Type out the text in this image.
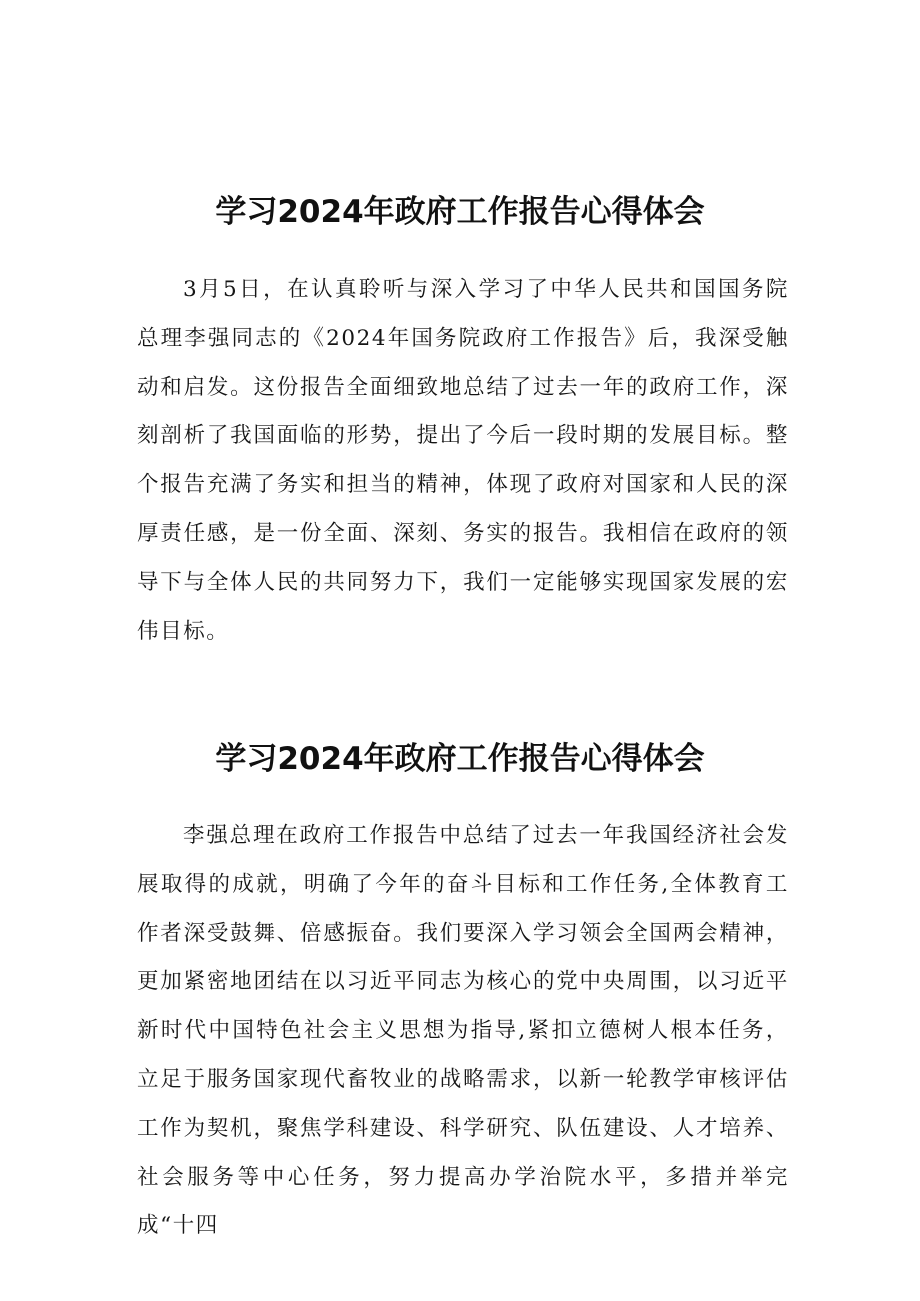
学习2024年政府工作报告心得体会

3月5日，在认真聆听与深入学习了中华人民共和国国务院总理李强同志的《2024年国务院政府工作报告》后，我深受触动和启发。这份报告全面细致地总结了过去一年的政府工作，深刻剖析了我国面临的形势，提出了今后一段时期的发展目标。整个报告充满了务实和担当的精神，体现了政府对国家和人民的深厚责任感，是一份全面、深刻、务实的报告。我相信在政府的领导下与全体人民的共同努力下，我们一定能够实现国家发展的宏伟目标。

学习2024年政府工作报告心得体会

李强总理在政府工作报告中总结了过去一年我国经济社会发展取得的成就，明确了今年的奋斗目标和工作任务,全体教育工作者深受鼓舞、倍感振奋。我们要深入学习领会全国两会精神，更加紧密地团结在以习近平同志为核心的党中央周围，以习近平新时代中国特色社会主义思想为指导,紧扣立德树人根本任务，立足于服务国家现代畜牧业的战略需求，以新一轮教学审核评估工作为契机，聚焦学科建设、科学研究、队伍建设、人才培养、社会服务等中心任务，努力提高办学治院水平，多措并举完成“十四
